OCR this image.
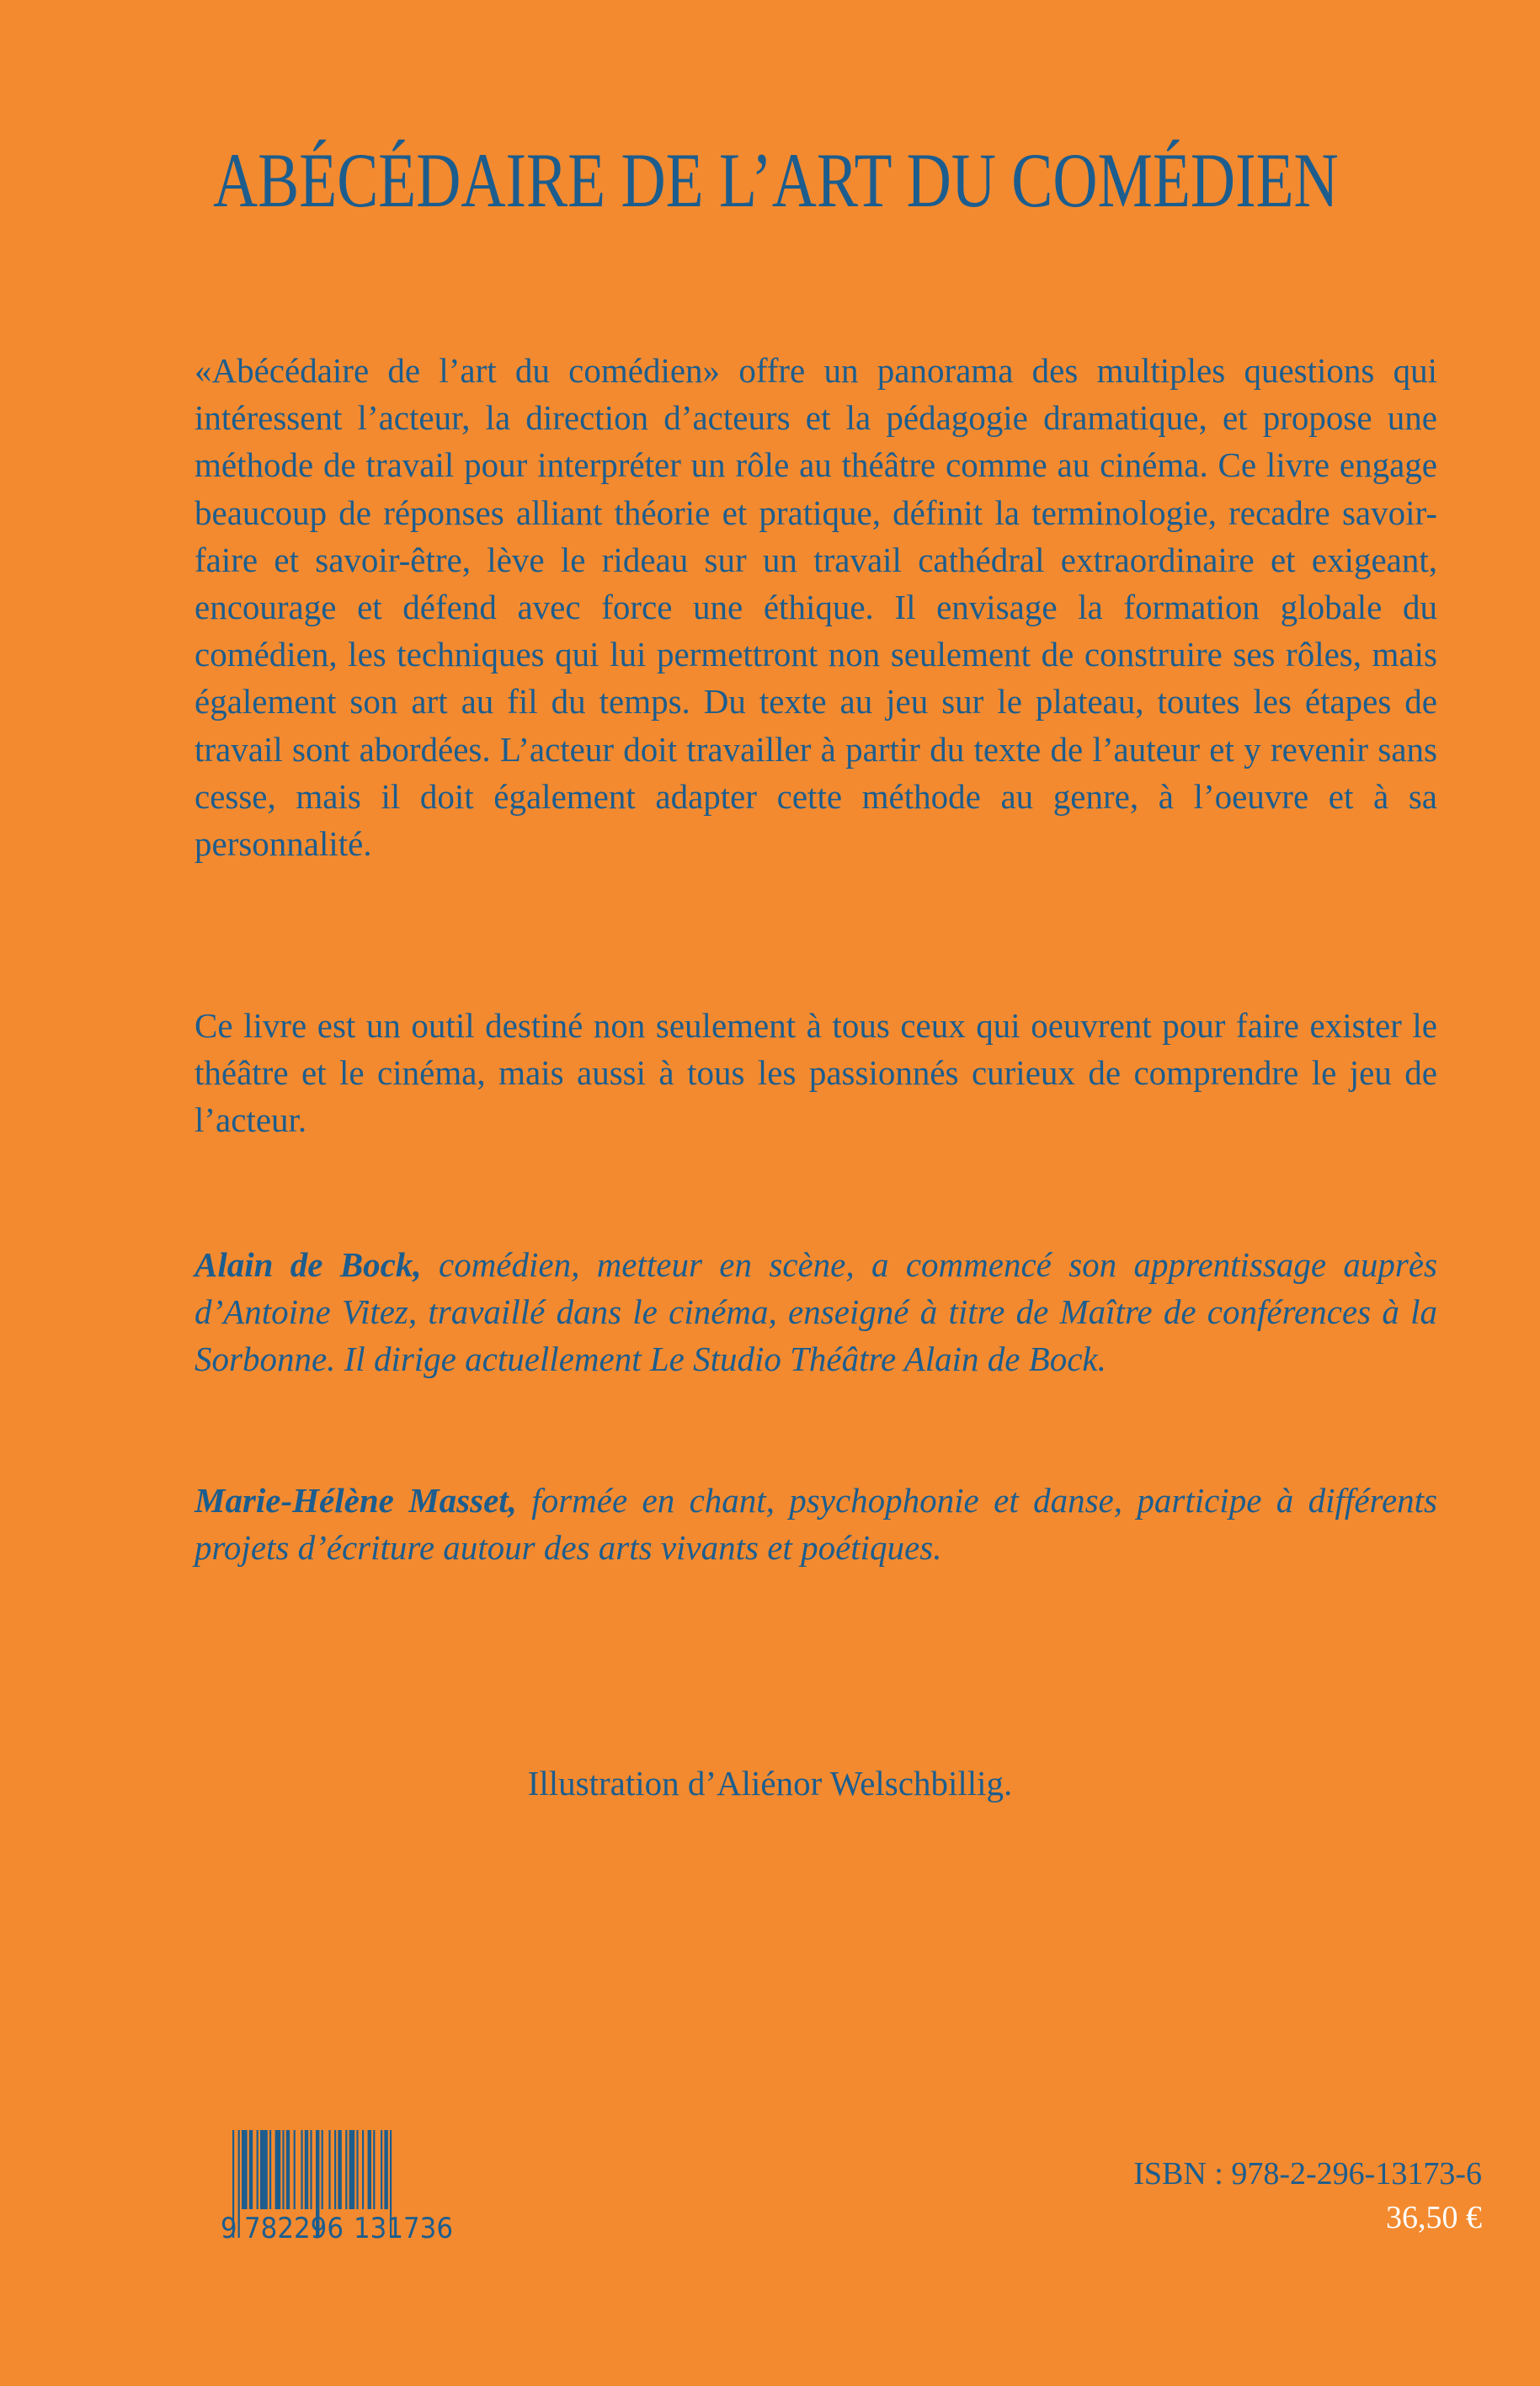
ABÉCÉDAIRE DE L’ART DU COMÉDIEN
«Abécédaire de l’art du comédien» offre un panorama des multiples questions qui intéressent l’acteur, la direction d’acteurs et la pédagogie dramatique, et propose une méthode de travail pour interpréter un rôle au théâtre comme au cinéma. Ce livre engage beaucoup de réponses alliant théorie et pratique, définit la terminologie, recadre savoir-faire et savoir-être, lève le rideau sur un travail cathédral extraordinaire et exigeant, encourage et défend avec force une éthique. Il envisage la formation globale du comédien, les techniques qui lui permettront non seulement de construire ses rôles, mais également son art au fil du temps. Du texte au jeu sur le plateau, toutes les étapes de travail sont abordées. L’acteur doit travailler à partir du texte de l’auteur et y revenir sans cesse, mais il doit également adapter cette méthode au genre, à l’oeuvre et à sa personnalité.
Ce livre est un outil destiné non seulement à tous ceux qui oeuvrent pour faire exister le théâtre et le cinéma, mais aussi à tous les passionnés curieux de comprendre le jeu de l’acteur.
Alain de Bock, comédien, metteur en scène, a commencé son apprentissage auprès d’Antoine Vitez, travaillé dans le cinéma, enseigné à titre de Maître de conférences à la Sorbonne. Il dirige actuellement Le Studio Théâtre Alain de Bock.
Marie-Hélène Masset, formée en chant, psychophonie et danse, participe à différents projets d’écriture autour des arts vivants et poétiques.
Illustration d’Aliénor Welschbillig.
9 782296 131736
ISBN : 978-2-296-13173-6
36,50 €
